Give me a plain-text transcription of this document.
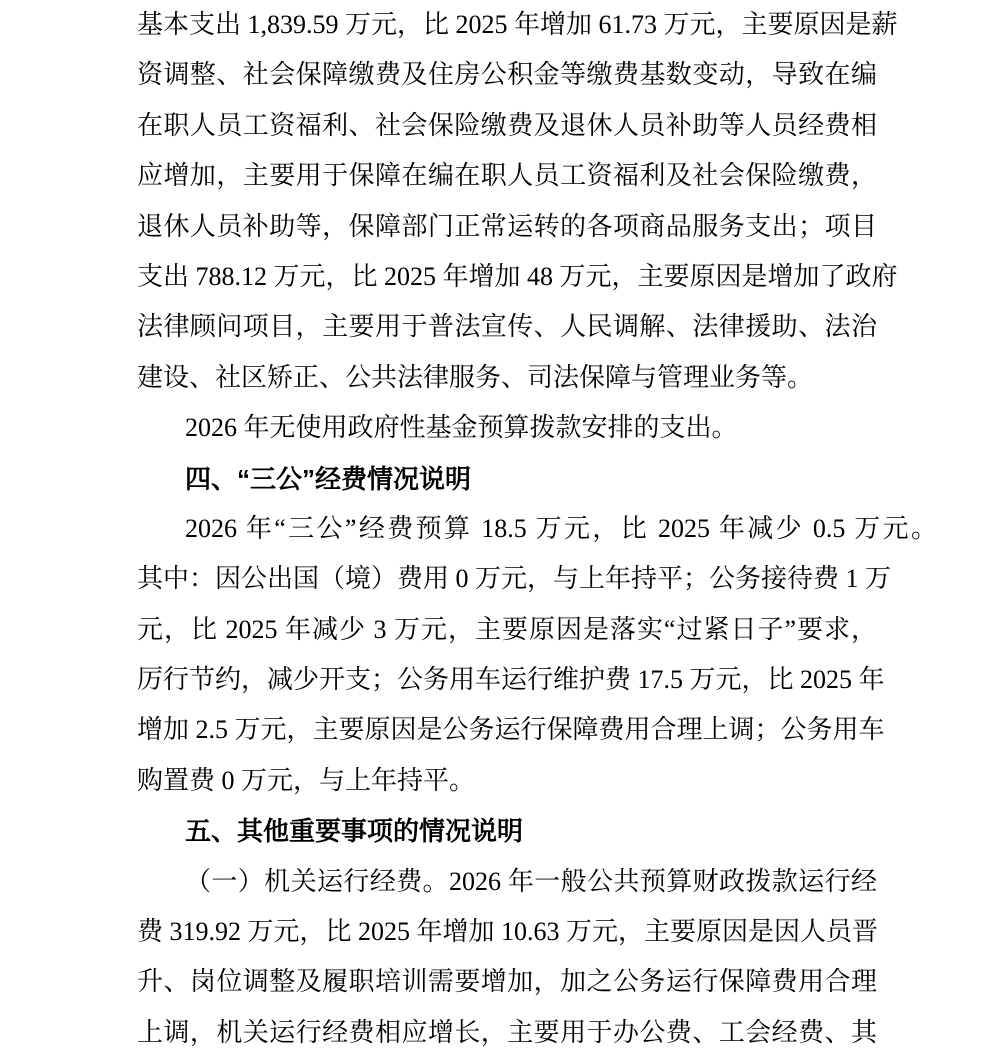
基本支出 1,839.59 万元，比 2025 年增加 61.73 万元，主要原因是薪
资调整、社会保障缴费及住房公积金等缴费基数变动，导致在编
在职人员工资福利、社会保险缴费及退休人员补助等人员经费相
应增加，主要用于保障在编在职人员工资福利及社会保险缴费，
退休人员补助等，保障部门正常运转的各项商品服务支出；项目
支出 788.12 万元，比 2025 年增加 48 万元，主要原因是增加了政府
法律顾问项目，主要用于普法宣传、人民调解、法律援助、法治
建设、社区矫正、公共法律服务、司法保障与管理业务等。
2026 年无使用政府性基金预算拨款安排的支出。
四、“三公”经费情况说明
2026 年“三公”经费预算 18.5 万元，比 2025 年减少 0.5 万元。
其中：因公出国（境）费用 0 万元，与上年持平；公务接待费 1 万
元，比 2025 年减少 3 万元，主要原因是落实“过紧日子”要求，
厉行节约，减少开支；公务用车运行维护费 17.5 万元，比 2025 年
增加 2.5 万元，主要原因是公务运行保障费用合理上调；公务用车
购置费 0 万元，与上年持平。
五、其他重要事项的情况说明
（一）机关运行经费。2026 年一般公共预算财政拨款运行经
费 319.92 万元，比 2025 年增加 10.63 万元，主要原因是因人员晋
升、岗位调整及履职培训需要增加，加之公务运行保障费用合理
上调，机关运行经费相应增长，主要用于办公费、工会经费、其
